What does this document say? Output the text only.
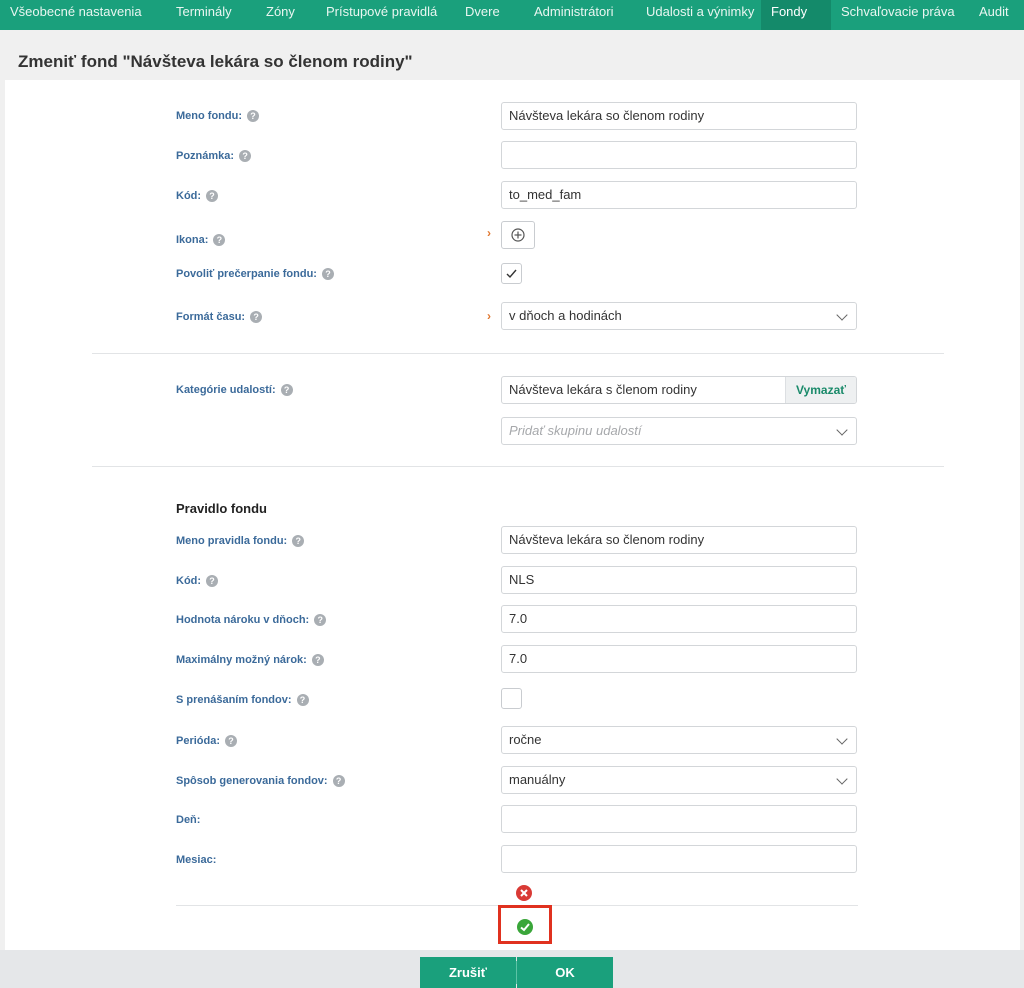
Všeobecné nastavenia	Terminály	Zóny	Prístupové pravidlá	Dvere	Administrátori	Udalosti a výnimky	Fondy	Schvaľovacie práva	Audit
Zmeniť fond "Návšteva lekára so členom rodiny"
Meno fondu: ?	Návšteva lekára so členom rodiny
Poznámka: ?
Kód: ?	to_med_fam
Ikona: ?	›
Povoliť prečerpanie fondu: ?
Formát času: ?	›	v dňoch a hodinách
Kategórie udalostí: ?	Návšteva lekára s členom rodiny	Vymazať
Pridať skupinu udalostí
Pravidlo fondu
Meno pravidla fondu: ?	Návšteva lekára so členom rodiny
Kód: ?	NLS
Hodnota nároku v dňoch: ?	7.0
Maximálny možný nárok: ?	7.0
S prenášaním fondov: ?
Perióda: ?	ročne
Spôsob generovania fondov: ?	manuálny
Deň:
Mesiac:
Zrušiť	OK
